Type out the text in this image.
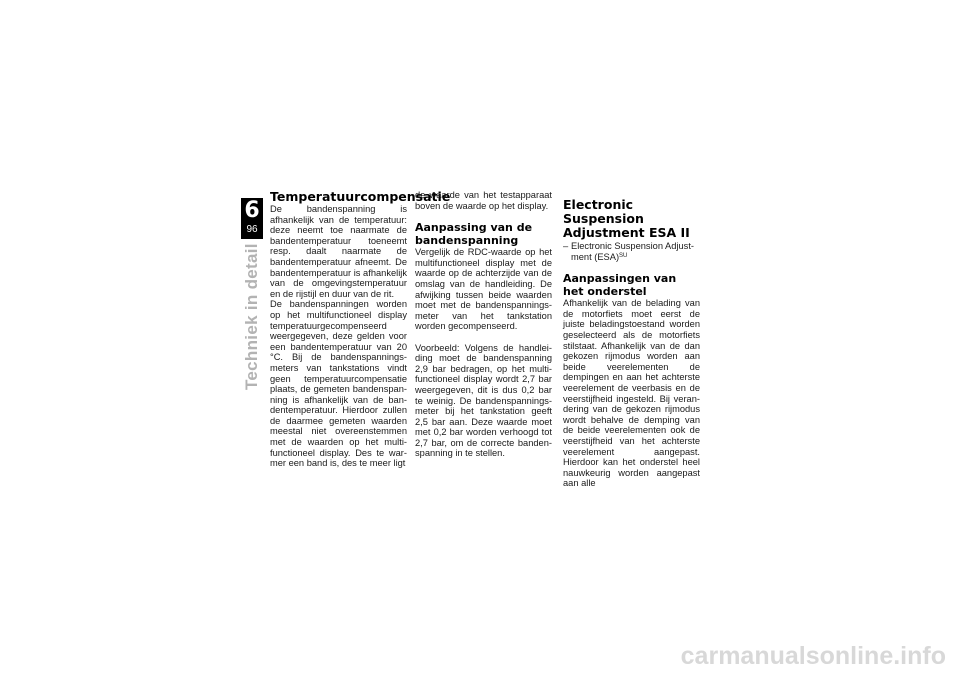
6
96
Techniek in detail
Temperatuurcompensatie

De bandenspanning is afhankelijk van de temperatuur: deze neemt toe naarmate de bandentemperatuur toeneemt resp. daalt naarmate de bandentemperatuur afneemt. De bandentemperatuur is afhankelijk van de omgevingstemperatuur en de rijstijl en duur van de rit.

De bandenspanningen worden op het multifunctioneel display temperatuurgecompenseerd weergegeven, deze gelden voor een bandentemperatuur van 20 °C. Bij de bandenspanningsmeters van tankstations vindt geen temperatuurcompensatie plaats, de gemeten bandenspanning is afhankelijk van de bandentemperatuur. Hierdoor zullen de daarmee gemeten waarden meestal niet overeenstemmen met de waarden op het multifunctioneel display. Des te warmer een band is, des te meer ligt

de waarde van het testapparaat boven de waarde op het display.

Aanpassing van de bandenspanning

Vergelijk de RDC-waarde op het multifunctioneel display met de waarde op de achterzijde van de omslag van de handleiding. De afwijking tussen beide waarden moet met de bandenspanningsmeter van het tankstation worden gecompenseerd.

Voorbeeld: Volgens de handleiding moet de bandenspanning 2,9 bar bedragen, op het multifunctioneel display wordt 2,7 bar weergegeven, dit is dus 0,2 bar te weinig. De bandenspanningsmeter bij het tankstation geeft 2,5 bar aan. Deze waarde moet met 0,2 bar worden verhoogd tot 2,7 bar, om de correcte bandenspanning in te stellen.

Electronic Suspension Adjustment ESA II
– Electronic Suspension Adjustment (ESA)$^{SU}$
Aanpassingen van het onderstel

Afhankelijk van de belading van de motorfiets moet eerst de juiste beladingstoestand worden geselecteerd als de motorfiets stilstaat. Afhankelijk van de dan gekozen rijmodus worden aan beide veerelementen de dempingen en aan het achterste veerelement de veerbasis en de veerstijfheid ingesteld. Bij verandering van de gekozen rijmodus wordt behalve de demping van de beide veerelementen ook de veerstijfheid van het achterste veerelement aangepast. Hierdoor kan het onderstel heel nauwkeurig worden aangepast aan alle

carmanualsonline.info
